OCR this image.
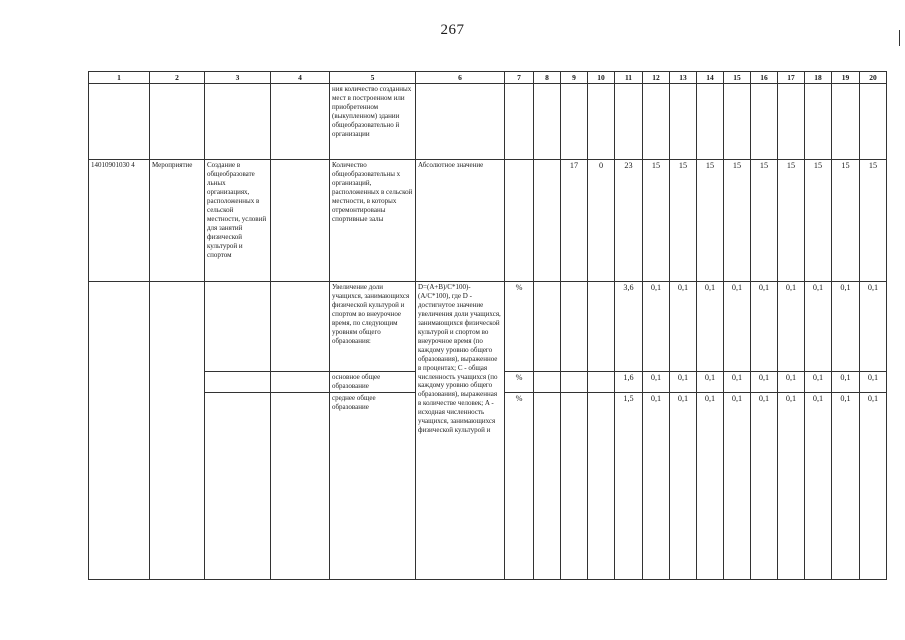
267
1	2	3	4	5	6	7	8	9	10	11	12	13	14	15	16	17	18	19	20
				ния количество созданных мест в построенном или приобретенном (выкупленном) здании общеобразовательно й организации															
14010901030 4	Мероприятие	Создание в общеобразовате льных организациях, расположенных в сельской местности, условий для занятий физической культурой и спортом		Количество общеобразовательны х организаций, расположенных в сельской местности, в которых отремонтированы спортивные залы	Абсолютное значение			17	0	23	15	15	15	15	15	15	15	15	15
				Увеличение доли учащихся, занимающихся физической культурой и спортом во внеурочное время, по следующим уровням общего образования:	D=(A+B)/C*100)-(A/C*100), где D - достигнутое значение увеличения доли учащихся, занимающихся физической культурой и спортом во внеурочное время (по каждому уровню общего образования), выраженное в процентах; C - общая численность учащихся (по каждому уровню общего образования), выраженная в количестве человек; A - исходная численность учащихся, занимающихся физической культурой и	%				3,6	0,1	0,1	0,1	0,1	0,1	0,1	0,1	0,1	0,1
				основное общее образование		%				1,6	0,1	0,1	0,1	0,1	0,1	0,1	0,1	0,1	0,1
				среднее общее образование		%				1,5	0,1	0,1	0,1	0,1	0,1	0,1	0,1	0,1	0,1
